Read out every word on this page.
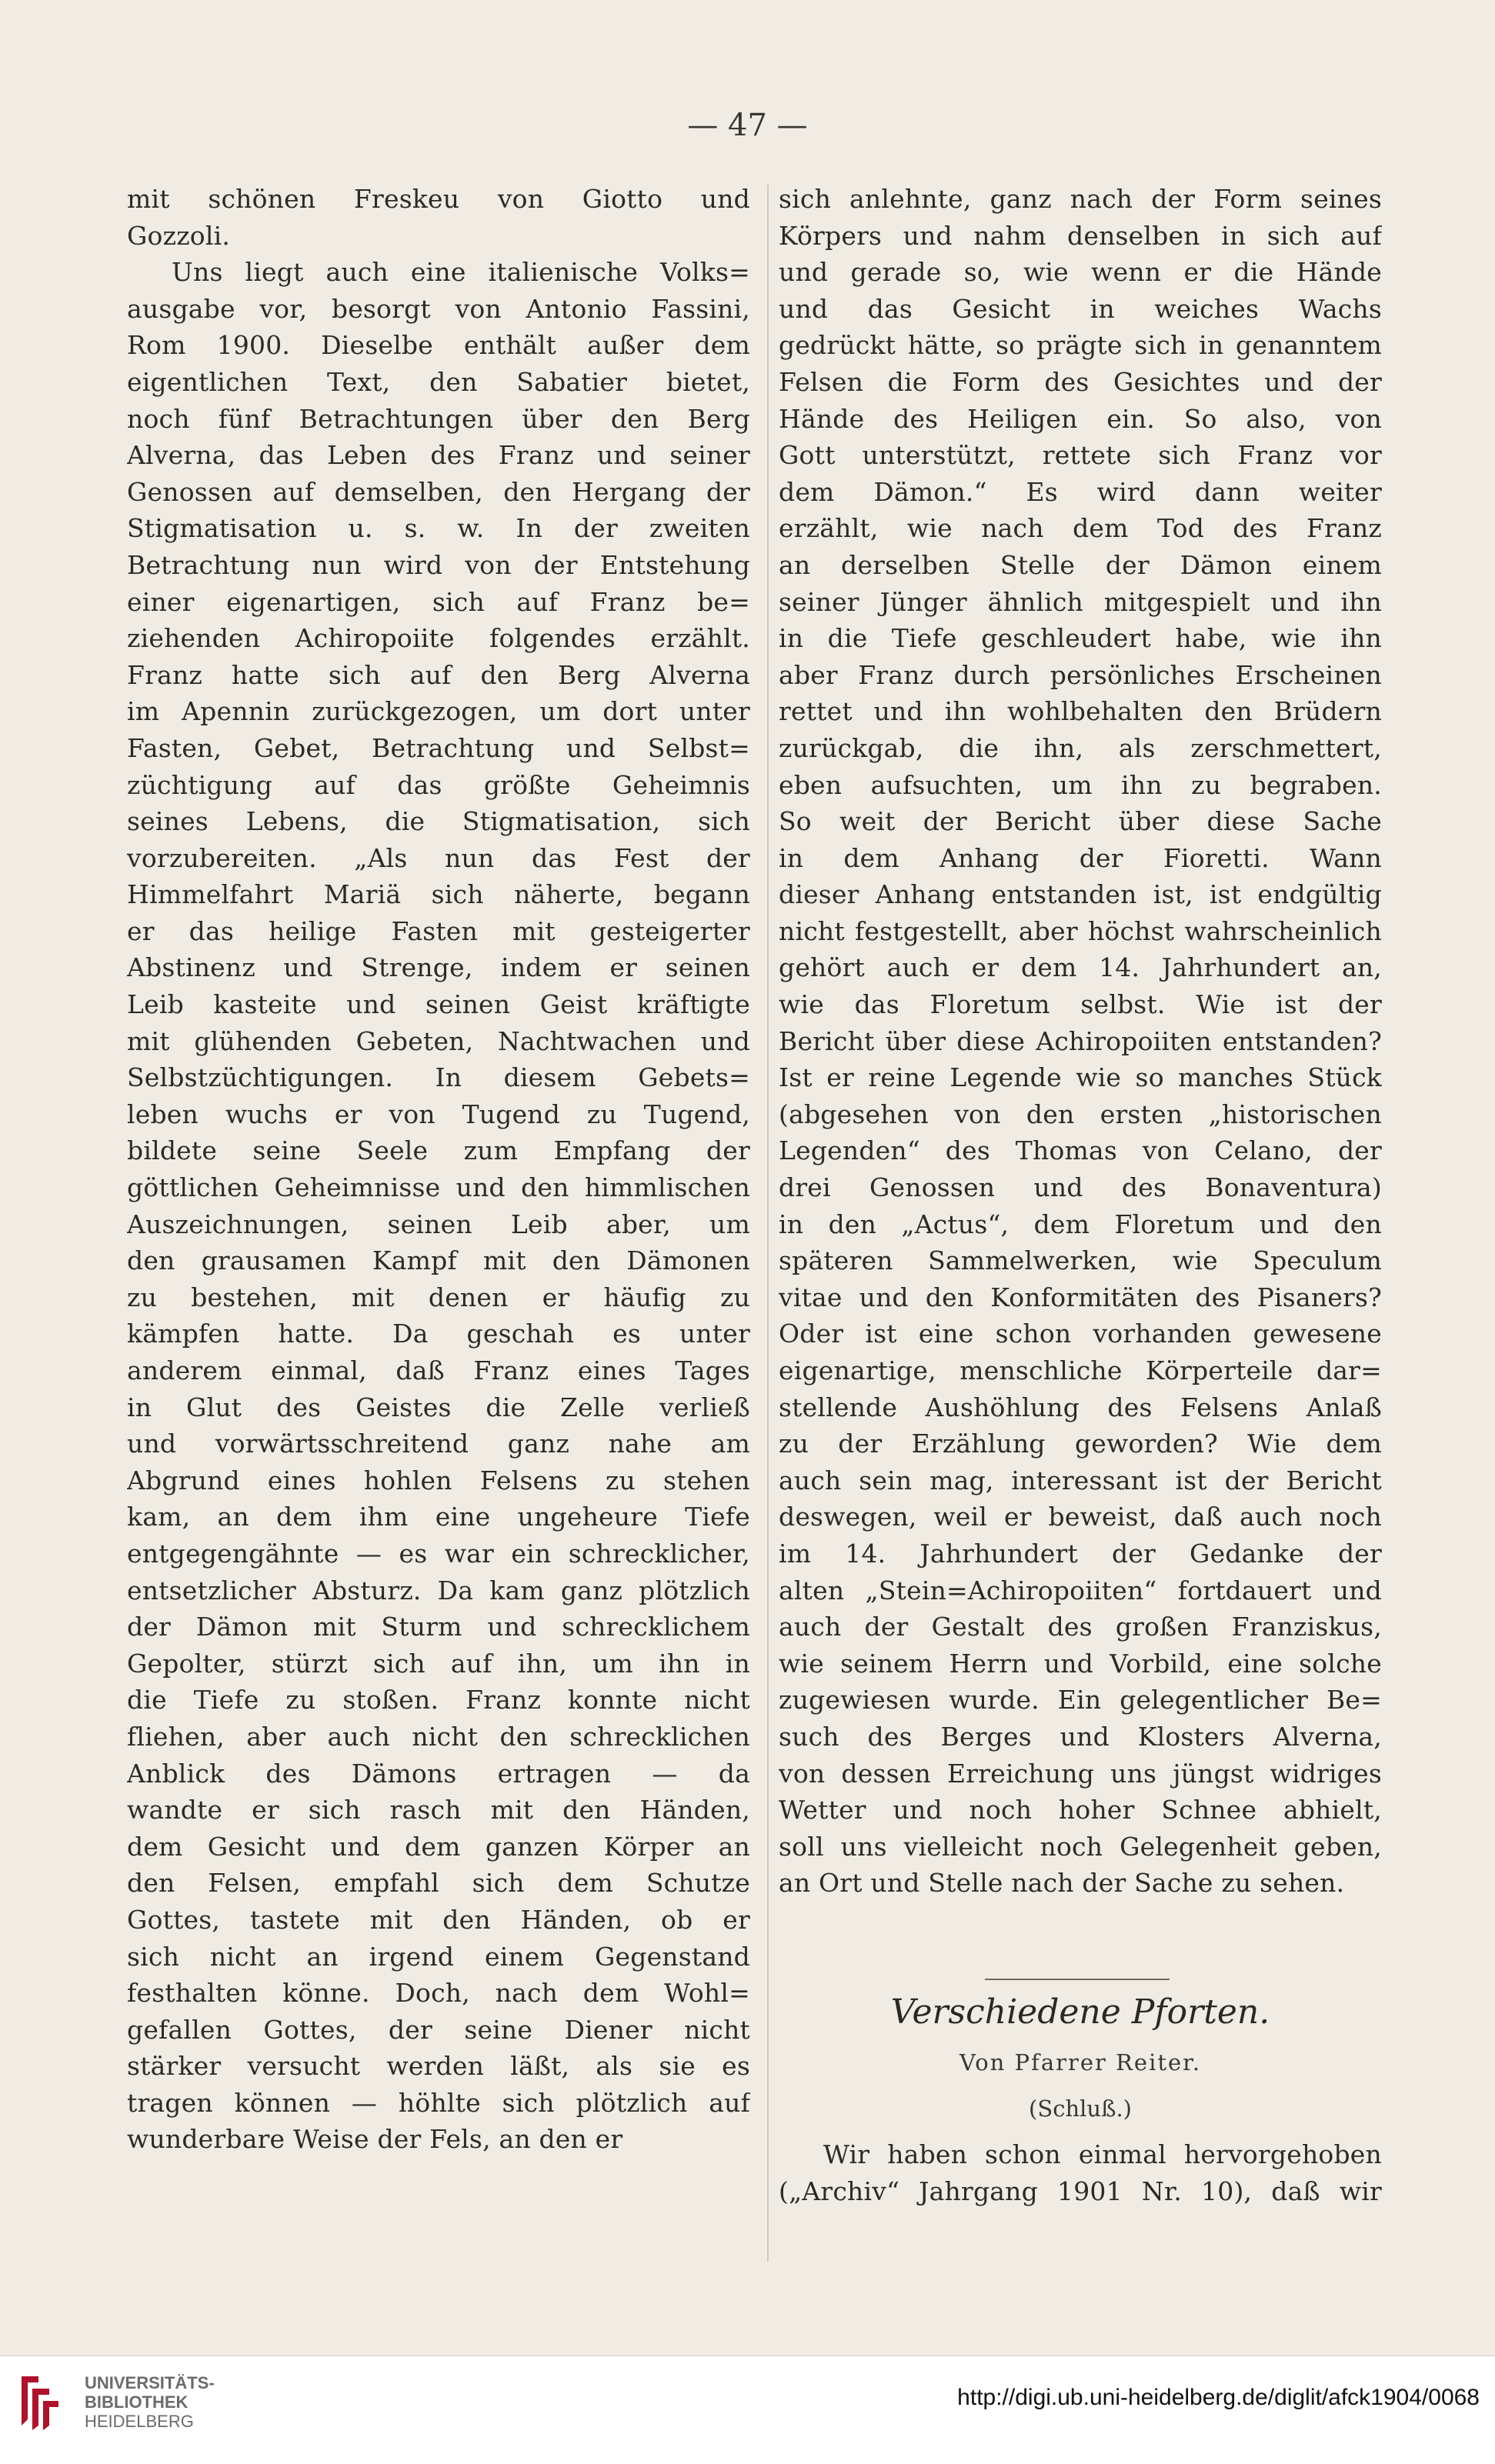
— 47 —
mit schönen Freskeu von Giotto und
Gozzoli.
Uns liegt auch eine italienische Volks=
ausgabe vor, besorgt von Antonio Fassini,
Rom 1900. Dieselbe enthält außer dem
eigentlichen Text, den Sabatier bietet,
noch fünf Betrachtungen über den Berg
Alverna, das Leben des Franz und seiner
Genossen auf demselben, den Hergang der
Stigmatisation u. s. w. In der zweiten
Betrachtung nun wird von der Entstehung
einer eigenartigen, sich auf Franz be=
ziehenden Achiropoiite folgendes erzählt.
Franz hatte sich auf den Berg Alverna
im Apennin zurückgezogen, um dort unter
Fasten, Gebet, Betrachtung und Selbst=
züchtigung auf das größte Geheimnis
seines Lebens, die Stigmatisation, sich
vorzubereiten. „Als nun das Fest der
Himmelfahrt Mariä sich näherte, begann
er das heilige Fasten mit gesteigerter
Abstinenz und Strenge, indem er seinen
Leib kasteite und seinen Geist kräftigte
mit glühenden Gebeten, Nachtwachen und
Selbstzüchtigungen. In diesem Gebets=
leben wuchs er von Tugend zu Tugend,
bildete seine Seele zum Empfang der
göttlichen Geheimnisse und den himmlischen
Auszeichnungen, seinen Leib aber, um
den grausamen Kampf mit den Dämonen
zu bestehen, mit denen er häufig zu
kämpfen hatte. Da geschah es unter
anderem einmal, daß Franz eines Tages
in Glut des Geistes die Zelle verließ
und vorwärtsschreitend ganz nahe am
Abgrund eines hohlen Felsens zu stehen
kam, an dem ihm eine ungeheure Tiefe
entgegengähnte — es war ein schrecklicher,
entsetzlicher Absturz. Da kam ganz plötzlich
der Dämon mit Sturm und schrecklichem
Gepolter, stürzt sich auf ihn, um ihn in
die Tiefe zu stoßen. Franz konnte nicht
fliehen, aber auch nicht den schrecklichen
Anblick des Dämons ertragen — da
wandte er sich rasch mit den Händen,
dem Gesicht und dem ganzen Körper an
den Felsen, empfahl sich dem Schutze
Gottes, tastete mit den Händen, ob er
sich nicht an irgend einem Gegenstand
festhalten könne. Doch, nach dem Wohl=
gefallen Gottes, der seine Diener nicht
stärker versucht werden läßt, als sie es
tragen können — höhlte sich plötzlich auf
wunderbare Weise der Fels, an den er
sich anlehnte, ganz nach der Form seines
Körpers und nahm denselben in sich auf
und gerade so, wie wenn er die Hände
und das Gesicht in weiches Wachs
gedrückt hätte, so prägte sich in genanntem
Felsen die Form des Gesichtes und der
Hände des Heiligen ein. So also, von
Gott unterstützt, rettete sich Franz vor
dem Dämon.“ Es wird dann weiter
erzählt, wie nach dem Tod des Franz
an derselben Stelle der Dämon einem
seiner Jünger ähnlich mitgespielt und ihn
in die Tiefe geschleudert habe, wie ihn
aber Franz durch persönliches Erscheinen
rettet und ihn wohlbehalten den Brüdern
zurückgab, die ihn, als zerschmettert,
eben aufsuchten, um ihn zu begraben.
So weit der Bericht über diese Sache
in dem Anhang der Fioretti. Wann
dieser Anhang entstanden ist, ist endgültig
nicht festgestellt, aber höchst wahrscheinlich
gehört auch er dem 14. Jahrhundert an,
wie das Floretum selbst. Wie ist der
Bericht über diese Achiropoiiten entstanden?
Ist er reine Legende wie so manches Stück
(abgesehen von den ersten „historischen
Legenden“ des Thomas von Celano, der
drei Genossen und des Bonaventura)
in den „Actus“, dem Floretum und den
späteren Sammelwerken, wie Speculum
vitae und den Konformitäten des Pisaners?
Oder ist eine schon vorhanden gewesene
eigenartige, menschliche Körperteile dar=
stellende Aushöhlung des Felsens Anlaß
zu der Erzählung geworden? Wie dem
auch sein mag, interessant ist der Bericht
deswegen, weil er beweist, daß auch noch
im 14. Jahrhundert der Gedanke der
alten „Stein=Achiropoiiten“ fortdauert und
auch der Gestalt des großen Franziskus,
wie seinem Herrn und Vorbild, eine solche
zugewiesen wurde. Ein gelegentlicher Be=
such des Berges und Klosters Alverna,
von dessen Erreichung uns jüngst widriges
Wetter und noch hoher Schnee abhielt,
soll uns vielleicht noch Gelegenheit geben,
an Ort und Stelle nach der Sache zu sehen.
Verschiedene Pforten.
Von Pfarrer Reiter.
(Schluß.)
Wir haben schon einmal hervorgehoben
(„Archiv“ Jahrgang 1901 Nr. 10), daß wir
UNIVERSITÄTS-
BIBLIOTHEK
HEIDELBERG
http://digi.ub.uni-heidelberg.de/diglit/afck1904/0068
